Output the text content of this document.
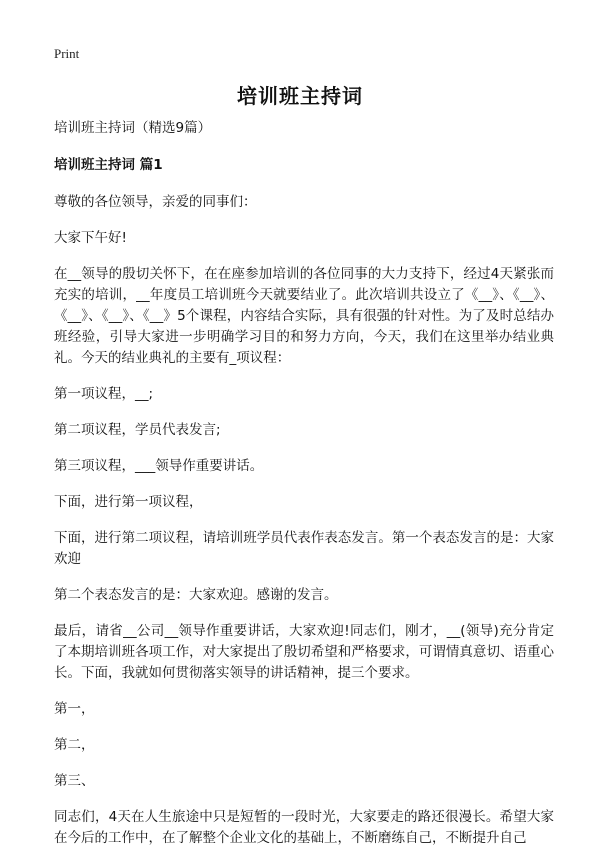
Print
培训班主持词

培训班主持词（精选9篇）

培训班主持词 篇1

尊敬的各位领导，亲爱的同事们：

大家下午好!

在__领导的殷切关怀下，在在座参加培训的各位同事的大力支持下，经过4天紧张而充实的培训，__年度员工培训班今天就要结业了。此次培训共设立了《__》、《__》、《__》、《__》、《__》5个课程，内容结合实际，具有很强的针对性。为了及时总结办班经验，引导大家进一步明确学习目的和努力方向，今天，我们在这里举办结业典礼。今天的结业典礼的主要有_项议程：

第一项议程，__;

第二项议程，学员代表发言;

第三项议程，___领导作重要讲话。

下面，进行第一项议程，

下面，进行第二项议程，请培训班学员代表作表态发言。第一个表态发言的是：大家欢迎

第二个表态发言的是：大家欢迎。感谢的发言。

最后，请省__公司__领导作重要讲话，大家欢迎!同志们，刚才，__(领导)充分肯定了本期培训班各项工作，对大家提出了殷切希望和严格要求，可谓情真意切、语重心长。下面，我就如何贯彻落实领导的讲话精神，提三个要求。

第一，

第二，

第三、

同志们，4天在人生旅途中只是短暂的一段时光，大家要走的路还很漫长。希望大家在今后的工作中，在了解整个企业文化的基础上，不断磨练自己，不断提升自己
